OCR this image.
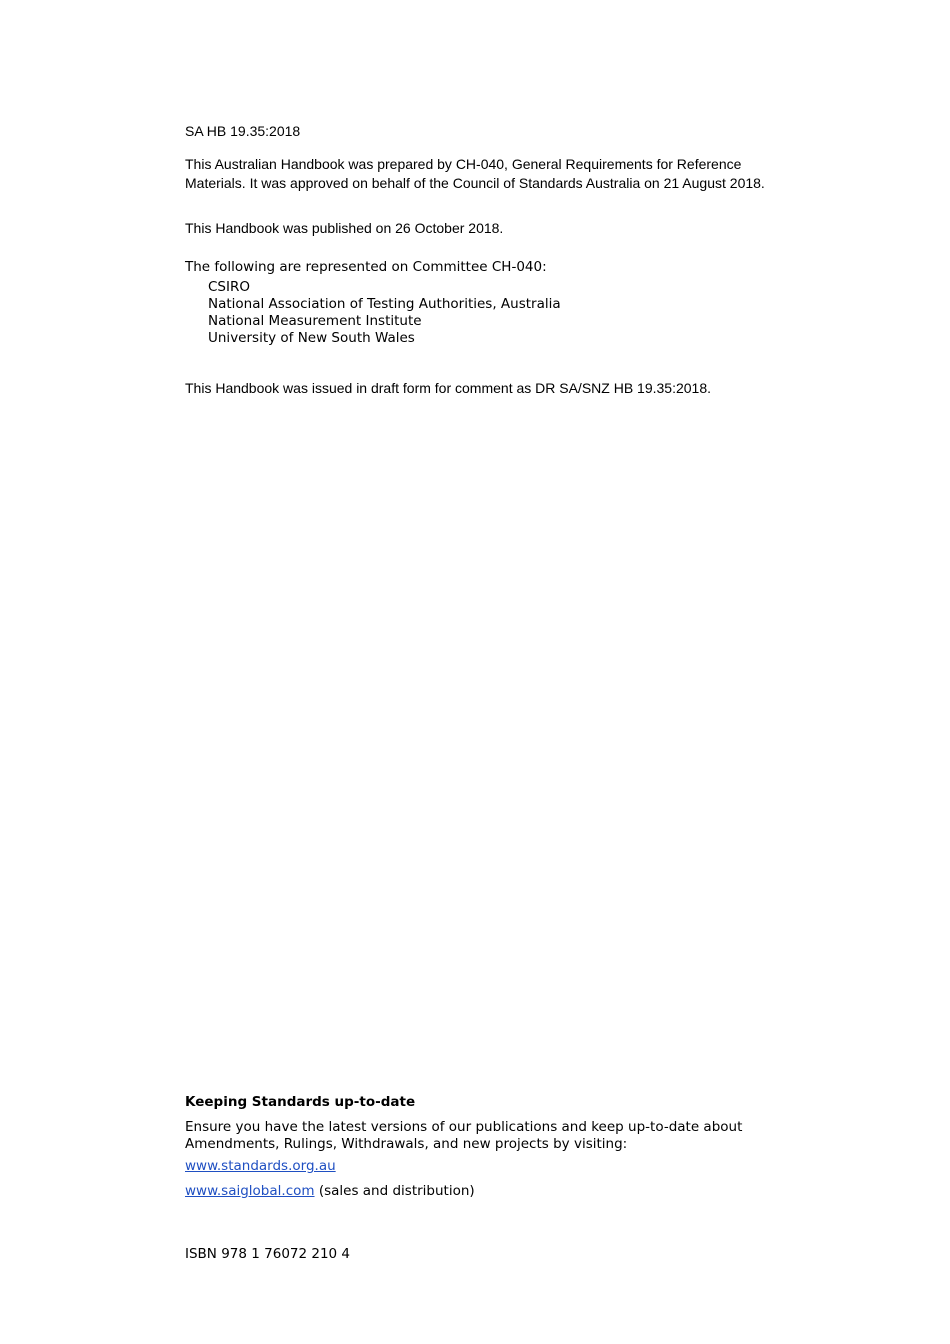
SA HB 19.35:2018
This Australian Handbook was prepared by CH-040, General Requirements for Reference Materials. It was approved on behalf of the Council of Standards Australia on 21 August 2018.
This Handbook was published on 26 October 2018.
The following are represented on Committee CH-040:
CSIRO
National Association of Testing Authorities, Australia
National Measurement Institute
University of New South Wales
This Handbook was issued in draft form for comment as DR SA/SNZ HB 19.35:2018.
Keeping Standards up-to-date
Ensure you have the latest versions of our publications and keep up-to-date about Amendments, Rulings, Withdrawals, and new projects by visiting:
www.standards.org.au
www.saiglobal.com (sales and distribution)
ISBN 978 1 76072 210 4
